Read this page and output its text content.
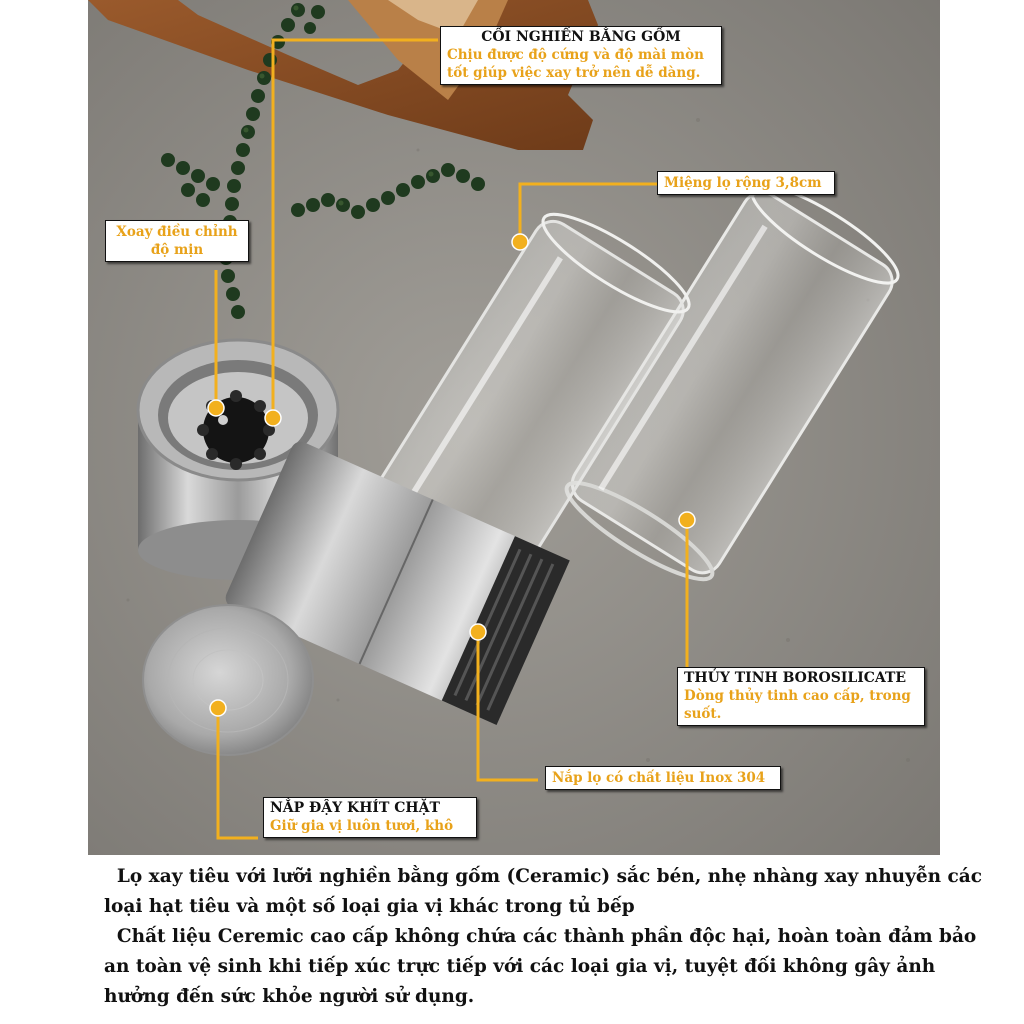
CỐI NGHIỀN BẰNG GỐM
Chịu được độ cứng và độ mài mòn tốt giúp việc xay trở nên dễ dàng.
Xoay điều chỉnh độ mịn
Miệng lọ rộng 3,8cm
THỦY TINH BOROSILICATE
Dòng thủy tinh cao cấp, trong suốt.
Nắp lọ có chất liệu Inox 304
NẮP ĐẬY KHÍT CHẶT
Giữ gia vị luôn tươi, khô

Lọ xay tiêu với lưỡi nghiền bằng gốm (Ceramic) sắc bén, nhẹ nhàng xay nhuyễn các loại hạt tiêu và một số loại gia vị khác trong tủ bếp

Chất liệu Ceremic cao cấp không chứa các thành phần độc hại, hoàn toàn đảm bảo an toàn vệ sinh khi tiếp xúc trực tiếp với các loại gia vị, tuyệt đối không gây ảnh hưởng đến sức khỏe người sử dụng.
